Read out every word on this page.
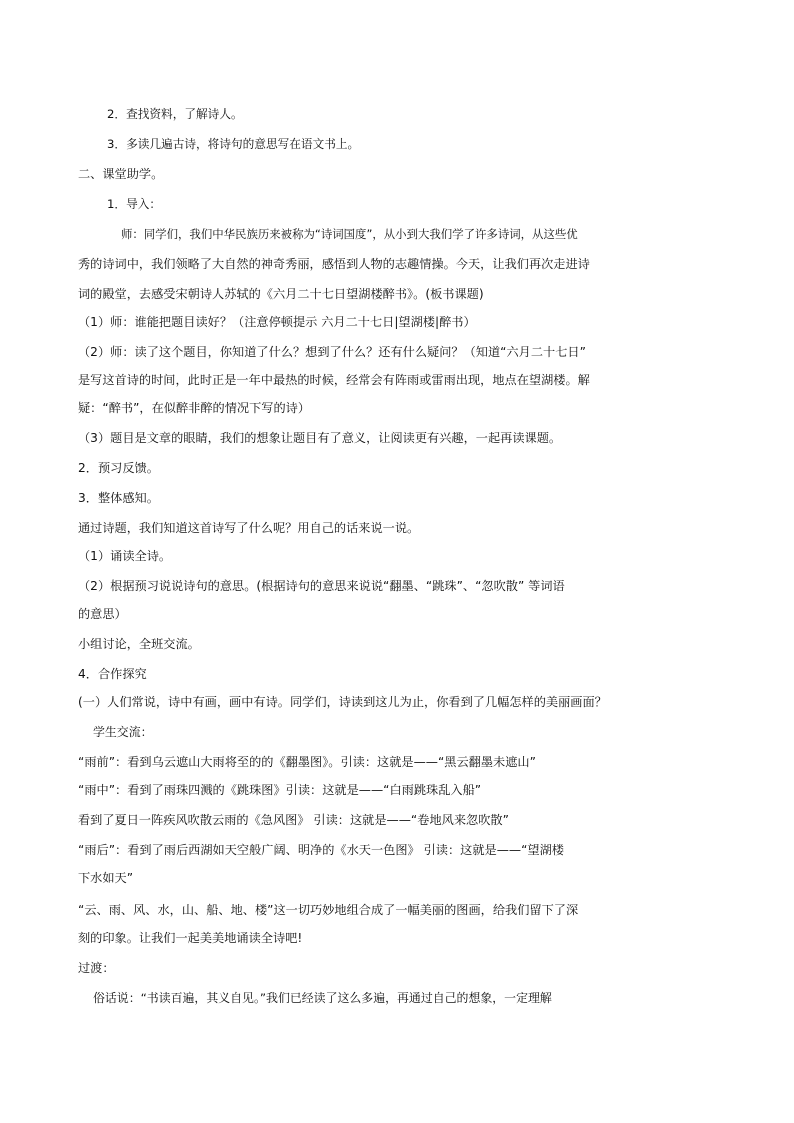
2．查找资料，了解诗人。
3．多读几遍古诗，将诗句的意思写在语文书上。
二、课堂助学。
1．导入：
师：同学们，我们中华民族历来被称为“诗词国度”，从小到大我们学了许多诗词，从这些优
秀的诗词中，我们领略了大自然的神奇秀丽，感悟到人物的志趣情操。今天，让我们再次走进诗
词的殿堂，去感受宋朝诗人苏轼的《六月二十七日望湖楼醉书》。(板书课题)
（1）师：谁能把题目读好？（注意停顿提示 六月二十七日|望湖楼|醉书）
（2）师：读了这个题目，你知道了什么？想到了什么？还有什么疑问？（知道“六月二十七日”
是写这首诗的时间，此时正是一年中最热的时候，经常会有阵雨或雷雨出现，地点在望湖楼。解
疑：“醉书”，在似醉非醉的情况下写的诗）
（3）题目是文章的眼睛，我们的想象让题目有了意义，让阅读更有兴趣，一起再读课题。
2．预习反馈。
3．整体感知。
通过诗题，我们知道这首诗写了什么呢？用自己的话来说一说。
（1）诵读全诗。
（2）根据预习说说诗句的意思。(根据诗句的意思来说说“翻墨、“跳珠”、“忽吹散” 等词语
的意思）
小组讨论，全班交流。
4．合作探究
(一）人们常说，诗中有画，画中有诗。同学们，诗读到这儿为止，你看到了几幅怎样的美丽画面？
学生交流：
“雨前”：看到乌云遮山大雨将至的的《翻墨图》。引读：这就是——“黑云翻墨未遮山”
“雨中”：看到了雨珠四溅的《跳珠图》引读：这就是——“白雨跳珠乱入船”
看到了夏日一阵疾风吹散云雨的《急风图》 引读：这就是——“卷地风来忽吹散”
“雨后”：看到了雨后西湖如天空般广阔、明净的《水天一色图》 引读：这就是——“望湖楼
下水如天”
“云、雨、风、水，山、船、地、楼”这一切巧妙地组合成了一幅美丽的图画，给我们留下了深
刻的印象。让我们一起美美地诵读全诗吧!
过渡：
俗话说：“书读百遍，其义自见。”我们已经读了这么多遍，再通过自己的想象，一定理解
